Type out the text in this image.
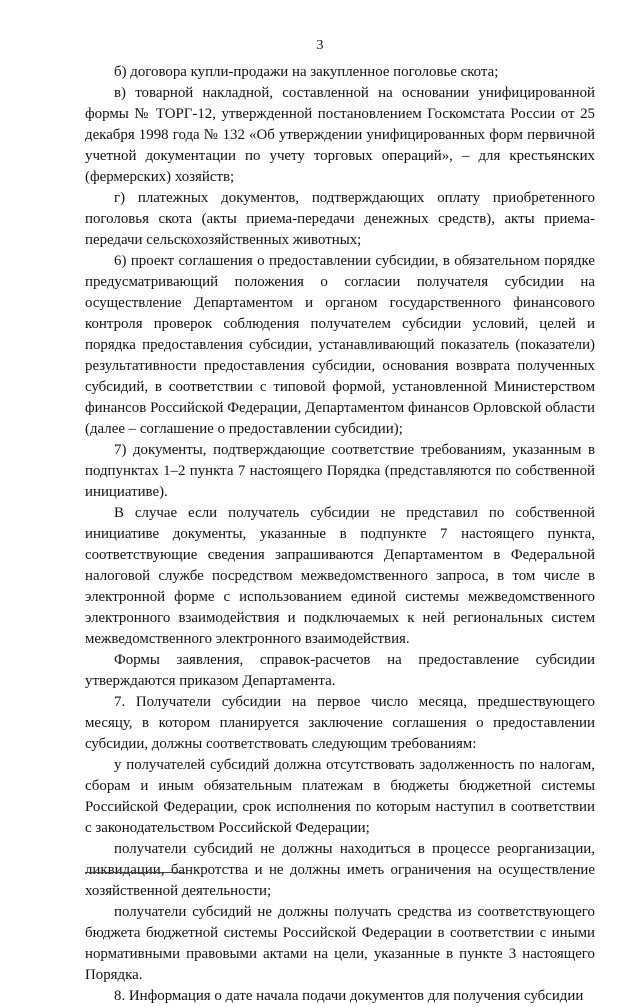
3

б) договора купли-продажи на закупленное поголовье скота;

в) товарной накладной, составленной на основании унифицированной формы № ТОРГ-12, утвержденной постановлением Госкомстата России от 25 декабря 1998 года № 132 «Об утверждении унифицированных форм первичной учетной документации по учету торговых операций», – для крестьянских (фермерских) хозяйств;

г) платежных документов, подтверждающих оплату приобретенного поголовья скота (акты приема-передачи денежных средств), акты приема-передачи сельскохозяйственных животных;

6) проект соглашения о предоставлении субсидии, в обязательном порядке предусматривающий положения о согласии получателя субсидии на осуществление Департаментом и органом государственного финансового контроля проверок соблюдения получателем субсидии условий, целей и порядка предоставления субсидии, устанавливающий показатель (показатели) результативности предоставления субсидии, основания возврата полученных субсидий, в соответствии с типовой формой, установленной Министерством финансов Российской Федерации, Департаментом финансов Орловской области (далее – соглашение о предоставлении субсидии);

7) документы, подтверждающие соответствие требованиям, указанным в подпунктах 1–2 пункта 7 настоящего Порядка (представляются по собственной инициативе).

В случае если получатель субсидии не представил по собственной инициативе документы, указанные в подпункте 7 настоящего пункта, соответствующие сведения запрашиваются Департаментом в Федеральной налоговой службе посредством межведомственного запроса, в том числе в электронной форме с использованием единой системы межведомственного электронного взаимодействия и подключаемых к ней региональных систем межведомственного электронного взаимодействия.

Формы заявления, справок-расчетов на предоставление субсидии утверждаются приказом Департамента.

7. Получатели субсидии на первое число месяца, предшествующего месяцу, в котором планируется заключение соглашения о предоставлении субсидии, должны соответствовать следующим требованиям:

у получателей субсидий должна отсутствовать задолженность по налогам, сборам и иным обязательным платежам в бюджеты бюджетной системы Российской Федерации, срок исполнения по которым наступил в соответствии с законодательством Российской Федерации;

получатели субсидий не должны находиться в процессе реорганизации, ликвидации, банкротства и не должны иметь ограничения на осуществление хозяйственной деятельности;

получатели субсидий не должны получать средства из соответствующего бюджета бюджетной системы Российской Федерации в соответствии с иными нормативными правовыми актами на цели, указанные в пункте 3 настоящего Порядка.

8. Информация о дате начала подачи документов для получения субсидии
